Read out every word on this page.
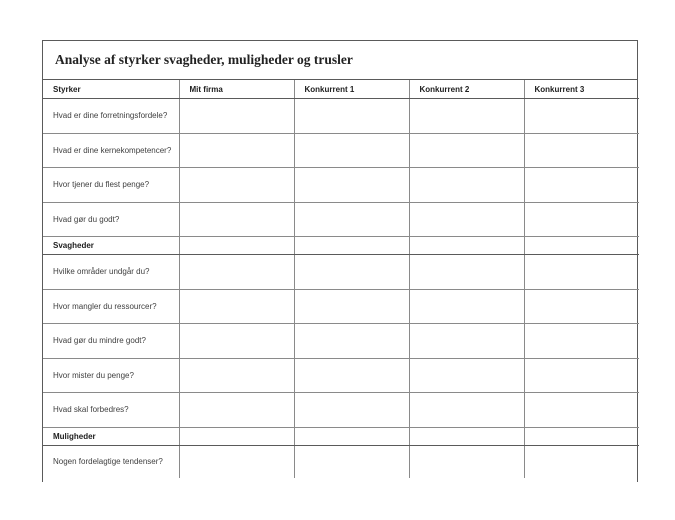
Analyse af styrker svagheder, muligheder og trusler
Styrker	Mit firma	Konkurrent 1	Konkurrent 2	Konkurrent 3
Hvad er dine forretningsfordele?				
Hvad er dine kernekompetencer?				
Hvor tjener du flest penge?				
Hvad gør du godt?				
Svagheder				
Hvilke områder undgår du?				
Hvor mangler du ressourcer?				
Hvad gør du mindre godt?				
Hvor mister du penge?				
Hvad skal forbedres?				
Muligheder				
Nogen fordelagtige tendenser?				
